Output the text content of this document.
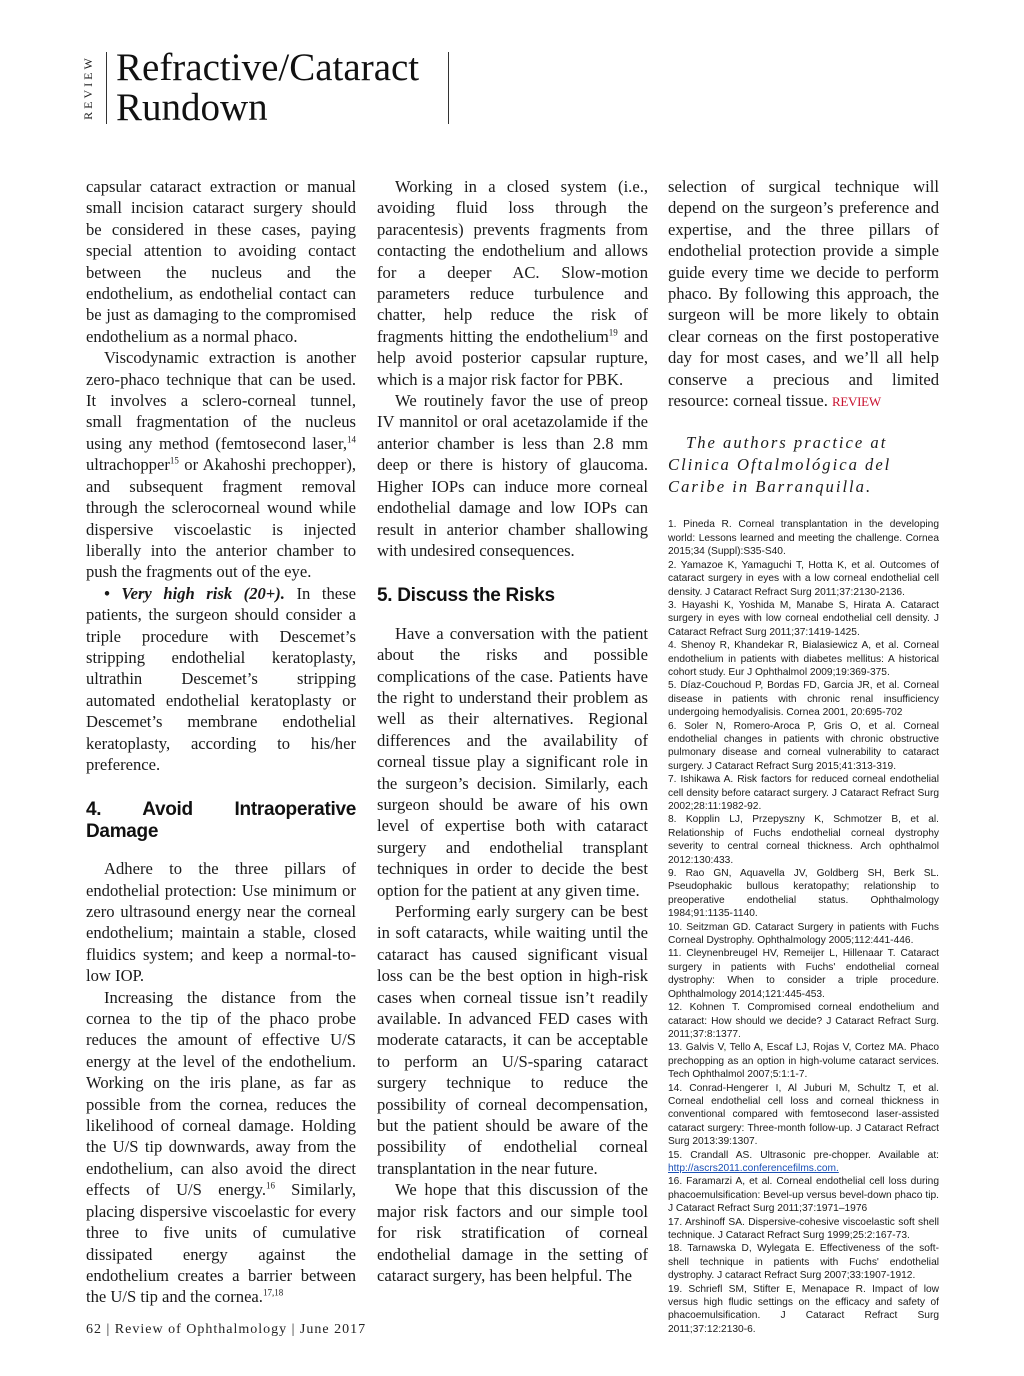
REVIEW Refractive/Cataract
Rundown

capsular cataract extraction or manual small incision cataract surgery should be considered in these cases, paying special attention to avoiding contact between the nucleus and the endothelium, as endothelial contact can be just as damaging to the compromised endothelium as a normal phaco.

Viscodynamic extraction is another zero-phaco technique that can be used. It involves a sclero-corneal tunnel, small fragmentation of the nucleus using any method (femtosecond laser,$^{14}$ ultrachopper$^{15}$ or Akahoshi prechopper), and subsequent fragment removal through the sclerocorneal wound while dispersive viscoelastic is injected liberally into the anterior chamber to push the fragments out of the eye.

• Very high risk (20+). In these patients, the surgeon should consider a triple procedure with Descemet’s stripping endothelial keratoplasty, ultrathin Descemet’s stripping automated endothelial keratoplasty or Descemet’s membrane endothelial keratoplasty, according to his/her preference.

4. Avoid Intraoperative Damage

Adhere to the three pillars of endothelial protection: Use minimum or zero ultrasound energy near the corneal endothelium; maintain a stable, closed fluidics system; and keep a normal-to-low IOP.

Increasing the distance from the cornea to the tip of the phaco probe reduces the amount of effective U/S energy at the level of the endothelium. Working on the iris plane, as far as possible from the cornea, reduces the likelihood of corneal damage. Holding the U/S tip downwards, away from the endothelium, can also avoid the direct effects of U/S energy.$^{16}$ Similarly, placing dispersive viscoelastic for every three to five units of cumulative dissipated energy against the endothelium creates a barrier between the U/S tip and the cornea.$^{17,18}$

Working in a closed system (i.e., avoiding fluid loss through the paracentesis) prevents fragments from contacting the endothelium and allows for a deeper AC. Slow-motion parameters reduce turbulence and chatter, help reduce the risk of fragments hitting the endothelium$^{19}$ and help avoid posterior capsular rupture, which is a major risk factor for PBK.

We routinely favor the use of preop IV mannitol or oral acetazolamide if the anterior chamber is less than 2.8 mm deep or there is history of glaucoma. Higher IOPs can induce more corneal endothelial damage and low IOPs can result in anterior chamber shallowing with undesired consequences.

5. Discuss the Risks

Have a conversation with the patient about the risks and possible complications of the case. Patients have the right to understand their problem as well as their alternatives. Regional differences and the availability of corneal tissue play a significant role in the surgeon’s decision. Similarly, each surgeon should be aware of his own level of expertise both with cataract surgery and endothelial transplant techniques in order to decide the best option for the patient at any given time.

Performing early surgery can be best in soft cataracts, while waiting until the cataract has caused significant visual loss can be the best option in high-risk cases when corneal tissue isn’t readily available. In advanced FED cases with moderate cataracts, it can be acceptable to perform an U/S-sparing cataract surgery technique to reduce the possibility of corneal decompensation, but the patient should be aware of the possibility of endothelial corneal transplantation in the near future.

We hope that this discussion of the major risk factors and our simple tool for risk stratification of corneal endothelial damage in the setting of cataract surgery, has been helpful. The

selection of surgical technique will depend on the surgeon’s preference and expertise, and the three pillars of endothelial protection provide a simple guide every time we decide to perform phaco. By following this approach, the surgeon will be more likely to obtain clear corneas on the first postoperative day for most cases, and we’ll all help conserve a precious and limited resource: corneal tissue. REVIEW

The authors practice at Clinica Oftalmológica del Caribe in Barranquilla.

1. Pineda R. Corneal transplantation in the developing world: Lessons learned and meeting the challenge. Cornea 2015;34 (Suppl):S35-S40.
2. Yamazoe K, Yamaguchi T, Hotta K, et al. Outcomes of cataract surgery in eyes with a low corneal endothelial cell density. J Cataract Refract Surg 2011;37:2130-2136.
3. Hayashi K, Yoshida M, Manabe S, Hirata A. Cataract surgery in eyes with low corneal endothelial cell density. J Cataract Refract Surg 2011;37:1419-1425.
4. Shenoy R, Khandekar R, Bialasiewicz A, et al. Corneal endothelium in patients with diabetes mellitus: A historical cohort study. Eur J Ophthalmol 2009;19:369-375.
5. Díaz-Couchoud P, Bordas FD, Garcia JR, et al. Corneal disease in patients with chronic renal insufficiency undergoing hemodyalisis. Cornea 2001, 20:695-702
6. Soler N, Romero-Aroca P, Gris O, et al. Corneal endothelial changes in patients with chronic obstructive pulmonary disease and corneal vulnerability to cataract surgery. J Cataract Refract Surg 2015;41:313-319.
7. Ishikawa A. Risk factors for reduced corneal endothelial cell density before cataract surgery. J Cataract Refract Surg 2002;28:11:1982-92.
8. Kopplin LJ, Przepyszny K, Schmotzer B, et al. Relationship of Fuchs endothelial corneal dystrophy severity to central corneal thickness. Arch ophthalmol 2012:130:433.
9. Rao GN, Aquavella JV, Goldberg SH, Berk SL. Pseudophakic bullous keratopathy; relationship to preoperative endothelial status. Ophthalmology 1984;91:1135-1140.
10. Seitzman GD. Cataract Surgery in patients with Fuchs Corneal Dystrophy. Ophthalmology 2005;112:441-446.
11. Cleynenbreugel HV, Remeijer L, Hillenaar T. Cataract surgery in patients with Fuchs' endothelial corneal dystrophy: When to consider a triple procedure. Ophthalmology 2014;121:445-453.
12. Kohnen T. Compromised corneal endothelium and cataract: How should we decide? J Cataract Refract Surg. 2011;37:8:1377.
13. Galvis V, Tello A, Escaf LJ, Rojas V, Cortez MA. Phaco prechopping as an option in high-volume cataract services. Tech Ophthalmol 2007;5:1:1-7.
14. Conrad-Hengerer I, Al Juburi M, Schultz T, et al. Corneal endothelial cell loss and corneal thickness in conventional compared with femtosecond laser-assisted cataract surgery: Three-month follow-up. J Cataract Refract Surg 2013:39:1307.
15. Crandall AS. Ultrasonic pre-chopper. Available at: http://ascrs2011.conferencefilms.com.
16. Faramarzi A, et al. Corneal endothelial cell loss during phacoemulsification: Bevel-up versus bevel-down phaco tip. J Cataract Refract Surg 2011;37:1971–1976
17. Arshinoff SA. Dispersive-cohesive viscoelastic soft shell technique. J Cataract Refract Surg 1999;25:2:167-73.
18. Tarnawska D, Wylegata E. Effectiveness of the soft-shell technique in patients with Fuchs' endothelial dystrophy. J cataract Refract Surg 2007;33:1907-1912.
19. Schriefl SM, Stifter E, Menapace R. Impact of low versus high fludic settings on the efficacy and safety of phacoemulsification. J Cataract Refract Surg 2011;37:12:2130-6.
62 | Review of Ophthalmology | June 2017
